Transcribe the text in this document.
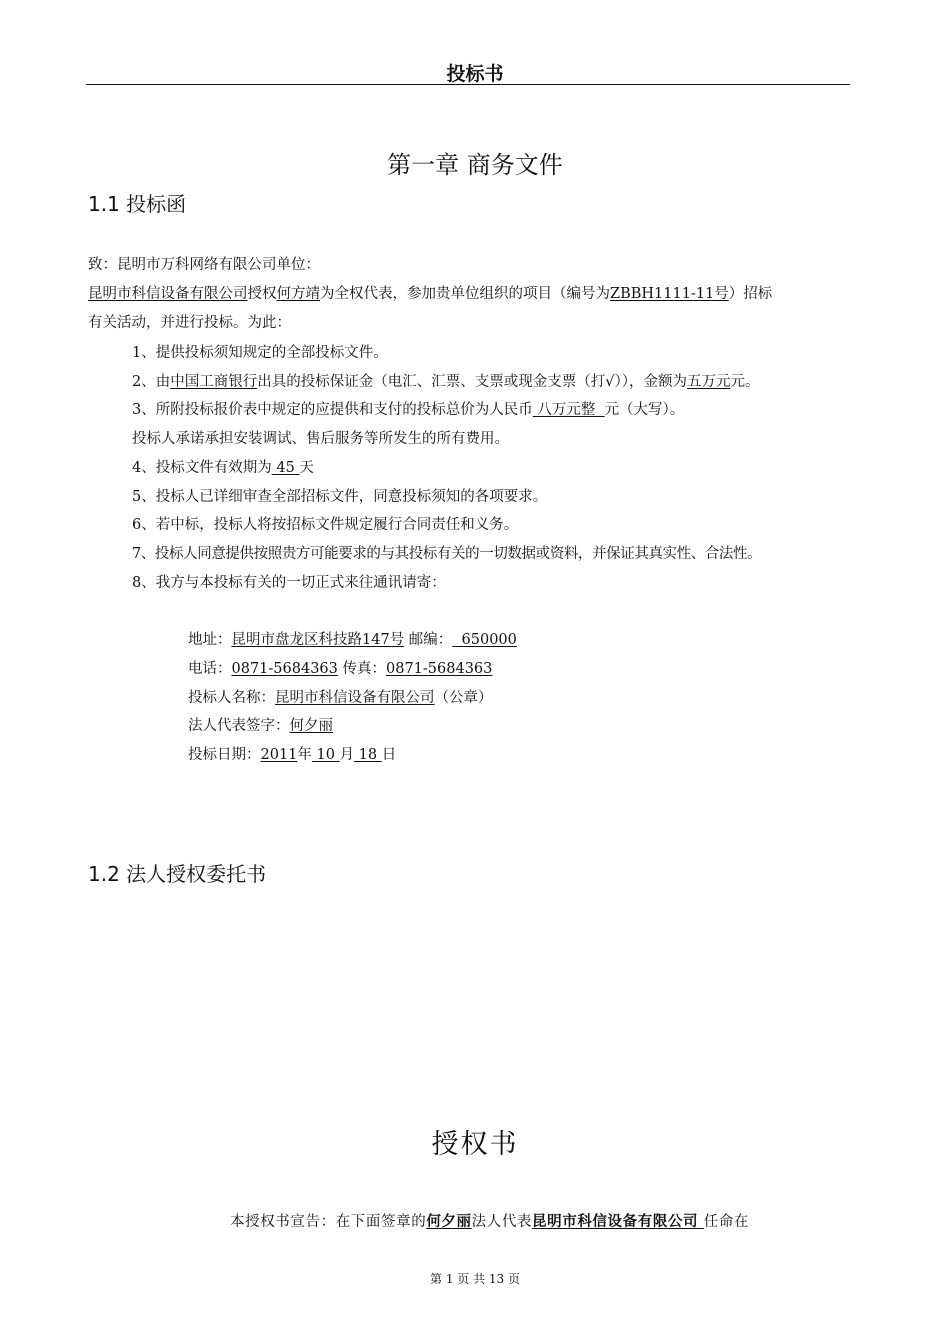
投标书
第一章 商务文件
1.1 投标函
致：昆明市万科网络有限公司单位：
昆明市科信设备有限公司授权何方靖为全权代表，参加贵单位组织的项目（编号为ZBBH1111-11号）招标
有关活动，并进行投标。为此：
1、提供投标须知规定的全部投标文件。
2、由中国工商银行出具的投标保证金（电汇、汇票、支票或现金支票（打√）），金额为五万元元。
3、所附投标报价表中规定的应提供和支付的投标总价为人民币 八万元整  元（大写）。
投标人承诺承担安装调试、售后服务等所发生的所有费用。
4、投标文件有效期为 45 天
5、投标人已详细审查全部招标文件，同意投标须知的各项要求。
6、若中标，投标人将按招标文件规定履行合同责任和义务。
7、投标人同意提供按照贵方可能要求的与其投标有关的一切数据或资料，并保证其真实性、合法性。
8、我方与本投标有关的一切正式来往通讯请寄：
地址：昆明市盘龙区科技路147号 邮编：  650000
电话：0871-5684363 传真：0871-5684363
投标人名称：昆明市科信设备有限公司（公章）
法人代表签字：何夕丽
投标日期：2011年 10 月 18 日
1.2 法人授权委托书
授权书
本授权书宣告：在下面签章的何夕丽法人代表昆明市科信设备有限公司 任命在
第 1 页 共 13 页
